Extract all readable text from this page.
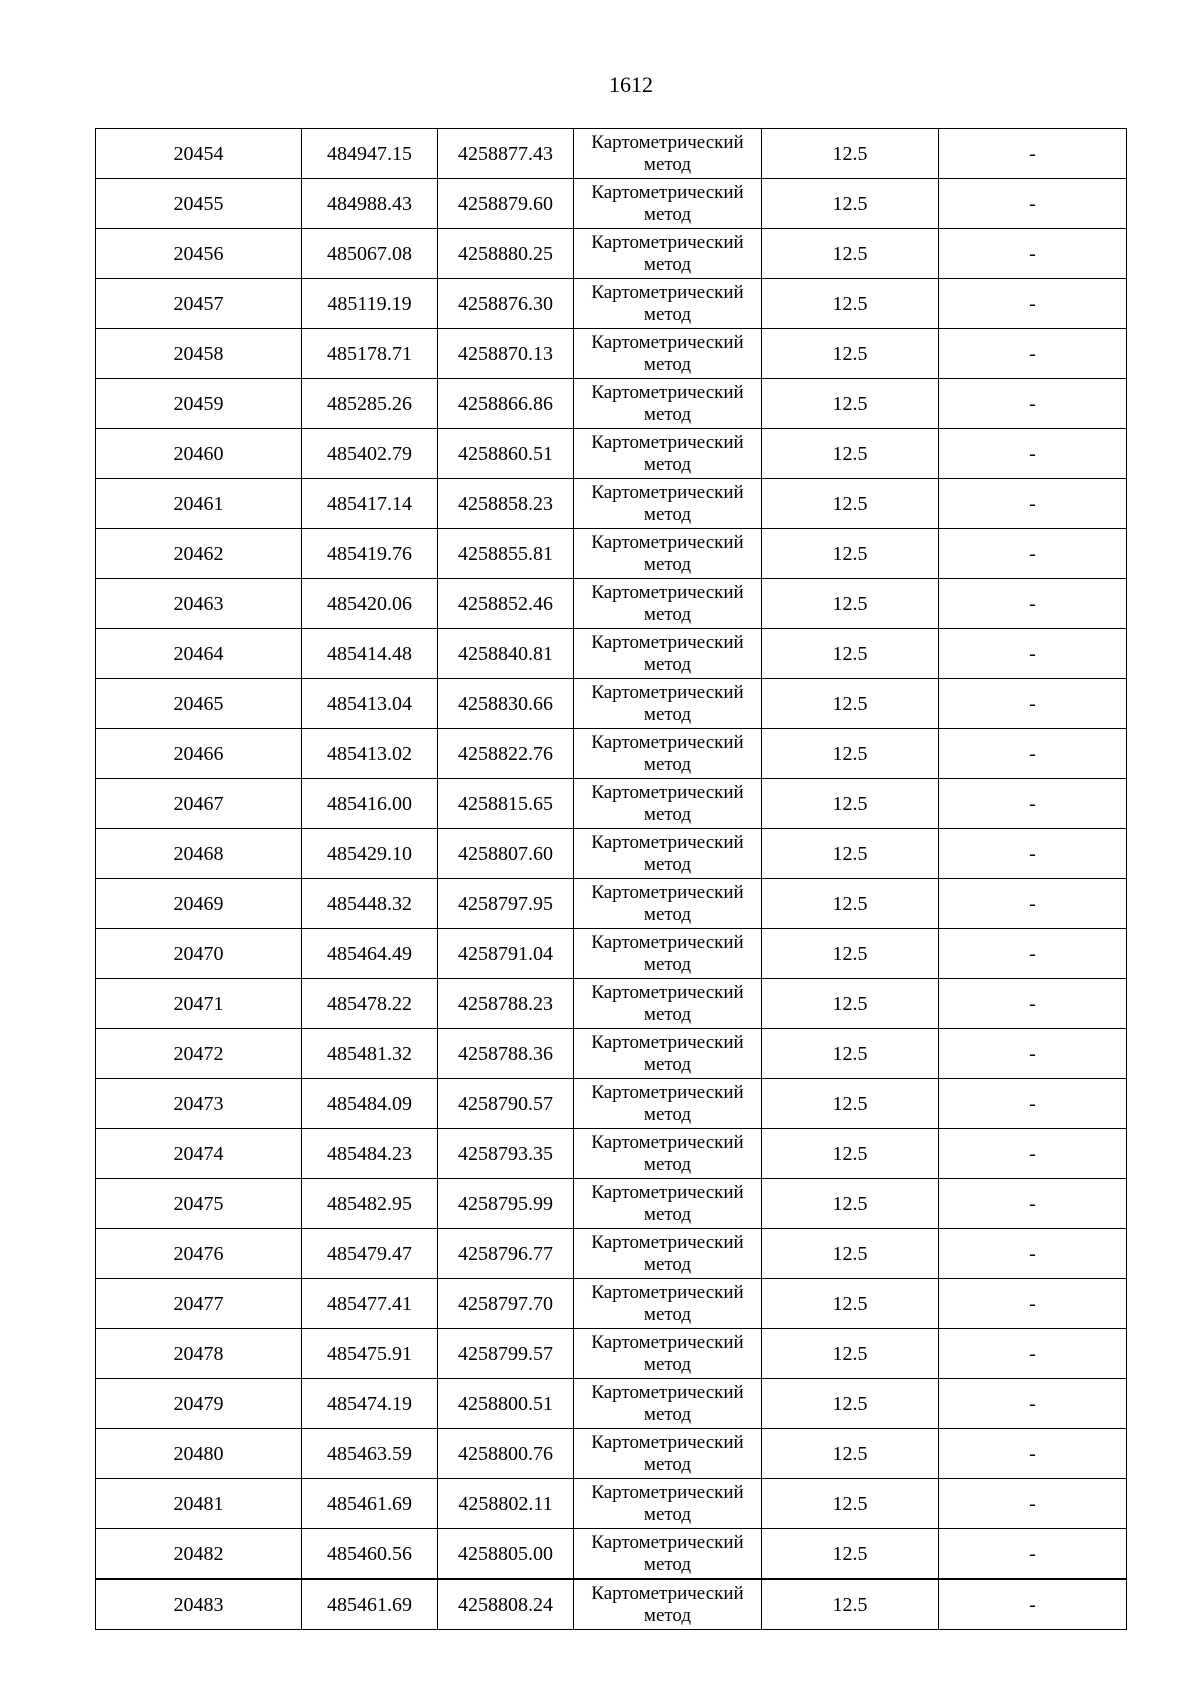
1612
20454	484947.15	4258877.43	Картометрический метод	12.5	-
20455	484988.43	4258879.60	Картометрический метод	12.5	-
20456	485067.08	4258880.25	Картометрический метод	12.5	-
20457	485119.19	4258876.30	Картометрический метод	12.5	-
20458	485178.71	4258870.13	Картометрический метод	12.5	-
20459	485285.26	4258866.86	Картометрический метод	12.5	-
20460	485402.79	4258860.51	Картометрический метод	12.5	-
20461	485417.14	4258858.23	Картометрический метод	12.5	-
20462	485419.76	4258855.81	Картометрический метод	12.5	-
20463	485420.06	4258852.46	Картометрический метод	12.5	-
20464	485414.48	4258840.81	Картометрический метод	12.5	-
20465	485413.04	4258830.66	Картометрический метод	12.5	-
20466	485413.02	4258822.76	Картометрический метод	12.5	-
20467	485416.00	4258815.65	Картометрический метод	12.5	-
20468	485429.10	4258807.60	Картометрический метод	12.5	-
20469	485448.32	4258797.95	Картометрический метод	12.5	-
20470	485464.49	4258791.04	Картометрический метод	12.5	-
20471	485478.22	4258788.23	Картометрический метод	12.5	-
20472	485481.32	4258788.36	Картометрический метод	12.5	-
20473	485484.09	4258790.57	Картометрический метод	12.5	-
20474	485484.23	4258793.35	Картометрический метод	12.5	-
20475	485482.95	4258795.99	Картометрический метод	12.5	-
20476	485479.47	4258796.77	Картометрический метод	12.5	-
20477	485477.41	4258797.70	Картометрический метод	12.5	-
20478	485475.91	4258799.57	Картометрический метод	12.5	-
20479	485474.19	4258800.51	Картометрический метод	12.5	-
20480	485463.59	4258800.76	Картометрический метод	12.5	-
20481	485461.69	4258802.11	Картометрический метод	12.5	-
20482	485460.56	4258805.00	Картометрический метод	12.5	-
20483	485461.69	4258808.24	Картометрический метод	12.5	-
